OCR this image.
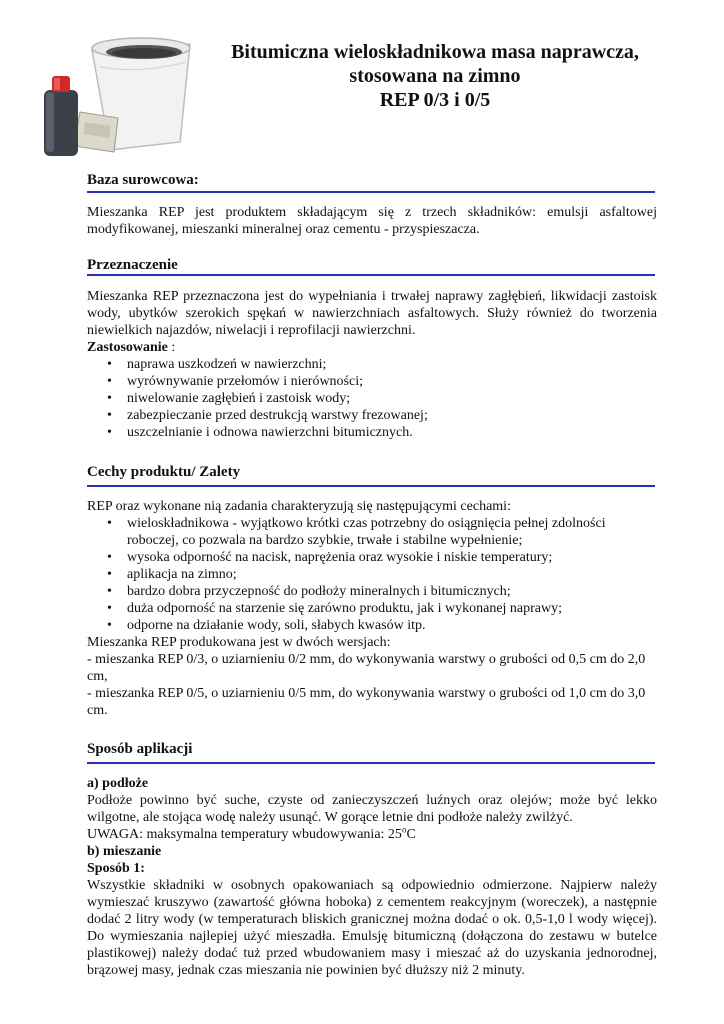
Bitumiczna wieloskładnikowa masa naprawcza,
stosowana na zimno
REP 0/3 i 0/5
Baza surowcowa:
Mieszanka REP jest produktem składającym się z trzech składników: emulsji asfaltowej modyfikowanej, mieszanki mineralnej oraz cementu - przyspieszacza.
Przeznaczenie

Mieszanka REP przeznaczona jest do wypełniania i trwałej naprawy zagłębień, likwidacji zastoisk wody, ubytków szerokich spękań w nawierzchniach asfaltowych. Służy również do tworzenia niewielkich najazdów, niwelacji i reprofilacji nawierzchni.

Zastosowanie :

• naprawa uszkodzeń w nawierzchni;
• wyrównywanie przełomów i nierówności;
• niwelowanie zagłębień i zastoisk wody;
• zabezpieczanie przed destrukcją warstwy frezowanej;
• uszczelnianie i odnowa nawierzchni bitumicznych.
Cechy produktu/ Zalety

REP oraz wykonane nią zadania charakteryzują się następującymi cechami:

• wieloskładnikowa - wyjątkowo krótki czas potrzebny do osiągnięcia pełnej zdolności roboczej, co pozwala na bardzo szybkie, trwałe i stabilne wypełnienie;
• wysoka odporność na nacisk, naprężenia oraz wysokie i niskie temperatury;
• aplikacja na zimno;
• bardzo dobra przyczepność do podłoży mineralnych i bitumicznych;
• duża odporność na starzenie się zarówno produktu, jak i wykonanej naprawy;
• odporne na działanie wody, soli, słabych kwasów itp.

Mieszanka REP produkowana jest w dwóch wersjach:

- mieszanka REP 0/3, o uziarnieniu 0/2 mm, do wykonywania warstwy o grubości od 0,5 cm do 2,0 cm,

- mieszanka REP 0/5, o uziarnieniu 0/5 mm, do wykonywania warstwy o grubości od 1,0 cm do 3,0 cm.

Sposób aplikacji

a) podłoże

Podłoże powinno być suche, czyste od zanieczyszczeń luźnych oraz olejów; może być lekko wilgotne, ale stojąca wodę należy usunąć. W gorące letnie dni podłoże należy zwilżyć.

UWAGA: maksymalna temperatury wbudowywania: 25$^o$C

b) mieszanie

Sposób 1:

Wszystkie składniki w osobnych opakowaniach są odpowiednio odmierzone. Najpierw należy wymieszać kruszywo (zawartość głównа hoboka) z cementem reakcyjnym (woreczek), a następnie dodać 2 litry wody (w temperaturach bliskich granicznej można dodać o ok. 0,5-1,0 l wody więcej). Do wymieszania najlepiej użyć mieszadła. Emulsję bitumiczną (dołączona do zestawu w butelce plastikowej) należy dodać tuż przed wbudowaniem masy i mieszać aż do uzyskania jednorodnej, brązowej masy, jednak czas mieszania nie powinien być dłuższy niż 2 minuty.
